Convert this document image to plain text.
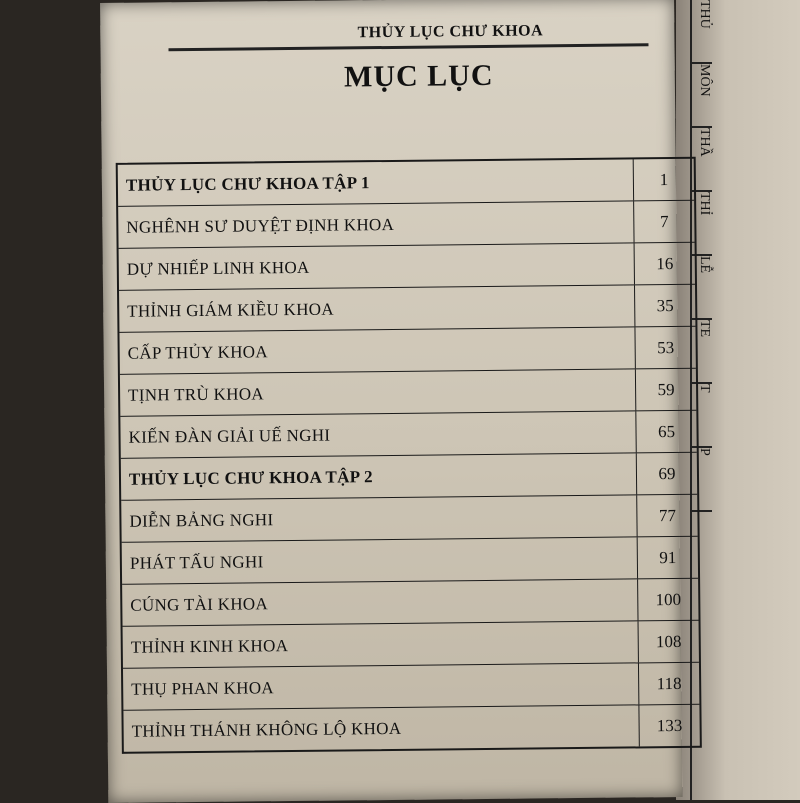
THỦ
MÔN
THẦ
THỈ
LỄ
TE
T
P
THỦY LỤC CHƯ KHOA
MỤC LỤC
THỦY LỤC CHƯ KHOA TẬP 1	1
NGHÊNH SƯ DUYỆT ĐỊNH KHOA	7
DỰ NHIẾP LINH KHOA	16
THỈNH GIÁM KIỀU KHOA	35
CẤP THỦY KHOA	53
TỊNH TRÙ KHOA	59
KIẾN ĐÀN GIẢI UẾ NGHI	65
THỦY LỤC CHƯ KHOA TẬP 2	69
DIỄN BẢNG NGHI	77
PHÁT TẤU NGHI	91
CÚNG TÀI KHOA	100
THỈNH KINH KHOA	108
THỤ PHAN KHOA	118
THỈNH THÁNH KHÔNG LỘ KHOA	133
